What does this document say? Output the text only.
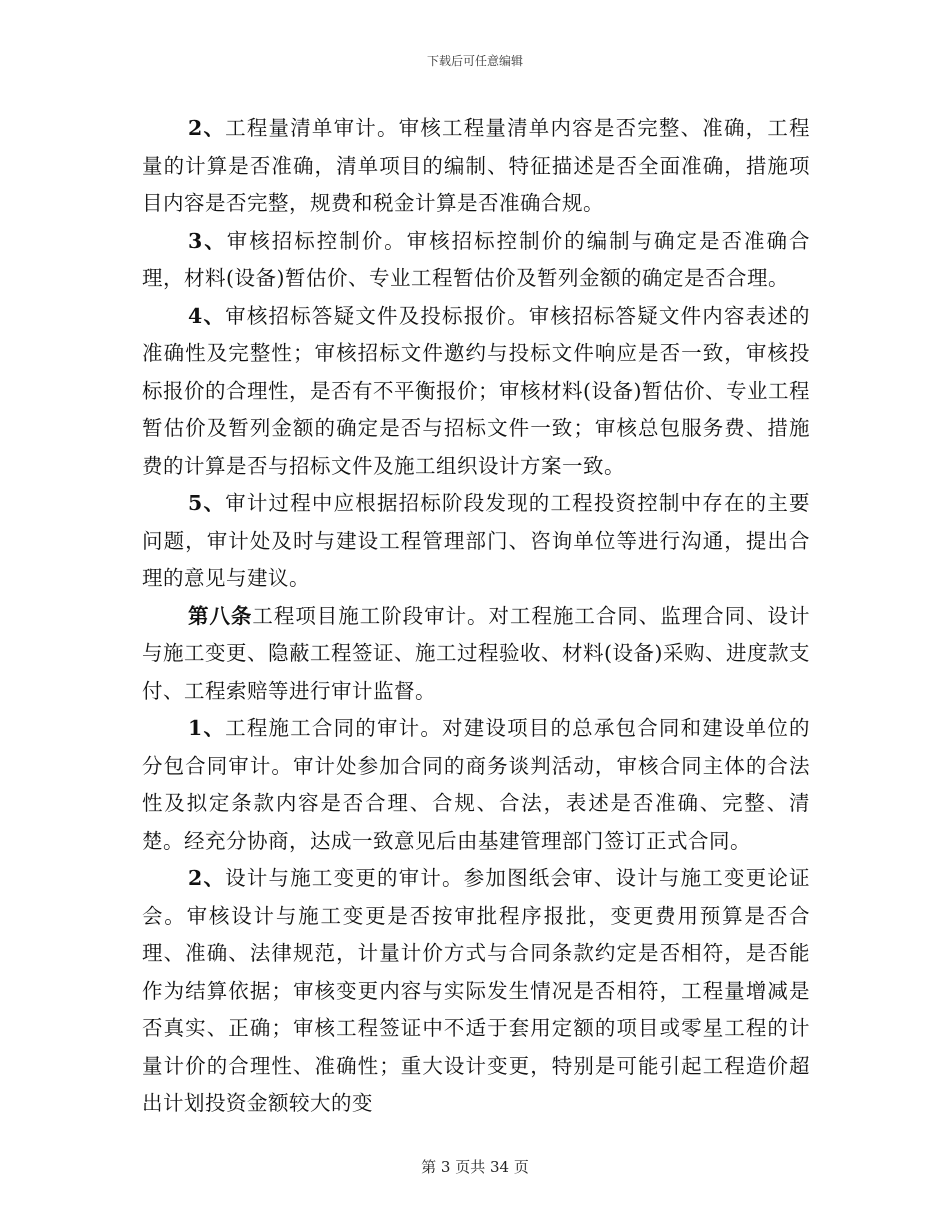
下载后可任意编辑

2、工程量清单审计。审核工程量清单内容是否完整、准确，工程量的计算是否准确，清单项目的编制、特征描述是否全面准确，措施项目内容是否完整，规费和税金计算是否准确合规。

3、审核招标控制价。审核招标控制价的编制与确定是否准确合理，材料(设备)暂估价、专业工程暂估价及暂列金额的确定是否合理。

4、审核招标答疑文件及投标报价。审核招标答疑文件内容表述的准确性及完整性；审核招标文件邀约与投标文件响应是否一致，审核投标报价的合理性，是否有不平衡报价；审核材料(设备)暂估价、专业工程暂估价及暂列金额的确定是否与招标文件一致；审核总包服务费、措施费的计算是否与招标文件及施工组织设计方案一致。

5、审计过程中应根据招标阶段发现的工程投资控制中存在的主要问题，审计处及时与建设工程管理部门、咨询单位等进行沟通，提出合理的意见与建议。

第八条工程项目施工阶段审计。对工程施工合同、监理合同、设计与施工变更、隐蔽工程签证、施工过程验收、材料(设备)采购、进度款支付、工程索赔等进行审计监督。

1、工程施工合同的审计。对建设项目的总承包合同和建设单位的分包合同审计。审计处参加合同的商务谈判活动，审核合同主体的合法性及拟定条款内容是否合理、合规、合法，表述是否准确、完整、清楚。经充分协商，达成一致意见后由基建管理部门签订正式合同。

2、设计与施工变更的审计。参加图纸会审、设计与施工变更论证会。审核设计与施工变更是否按审批程序报批，变更费用预算是否合理、准确、法律规范，计量计价方式与合同条款约定是否相符，是否能作为结算依据；审核变更内容与实际发生情况是否相符，工程量增减是否真实、正确；审核工程签证中不适于套用定额的项目或零星工程的计量计价的合理性、准确性；重大设计变更，特别是可能引起工程造价超出计划投资金额较大的变

第 3 页共 34 页
